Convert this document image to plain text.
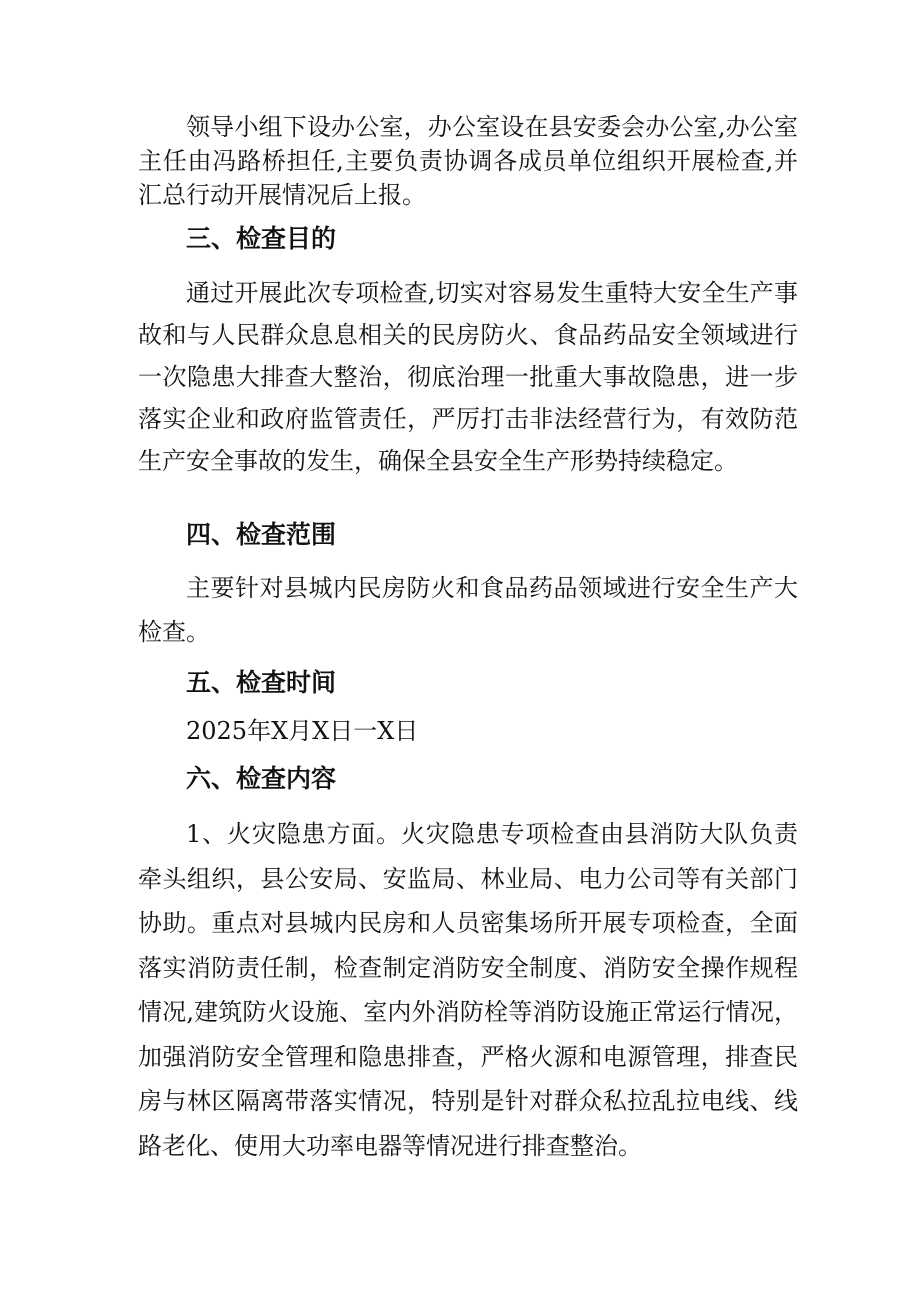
领导小组下设办公室，办公室设在县安委会办公室,办公室主任由冯路桥担任,主要负责协调各成员单位组织开展检查,并汇总行动开展情况后上报。

三、检查目的

通过开展此次专项检查,切实对容易发生重特大安全生产事故和与人民群众息息相关的民房防火、食品药品安全领域进行一次隐患大排查大整治，彻底治理一批重大事故隐患，进一步落实企业和政府监管责任，严厉打击非法经营行为，有效防范生产安全事故的发生，确保全县安全生产形势持续稳定。

四、检查范围

主要针对县城内民房防火和食品药品领域进行安全生产大检查。

五、检查时间

2025年X月X日一X日

六、检查内容

1、火灾隐患方面。火灾隐患专项检查由县消防大队负责牵头组织，县公安局、安监局、林业局、电力公司等有关部门协助。重点对县城内民房和人员密集场所开展专项检查，全面落实消防责任制，检查制定消防安全制度、消防安全操作规程情况,建筑防火设施、室内外消防栓等消防设施正常运行情况，加强消防安全管理和隐患排查，严格火源和电源管理，排查民房与林区隔离带落实情况，特别是针对群众私拉乱拉电线、线路老化、使用大功率电器等情况进行排查整治。
